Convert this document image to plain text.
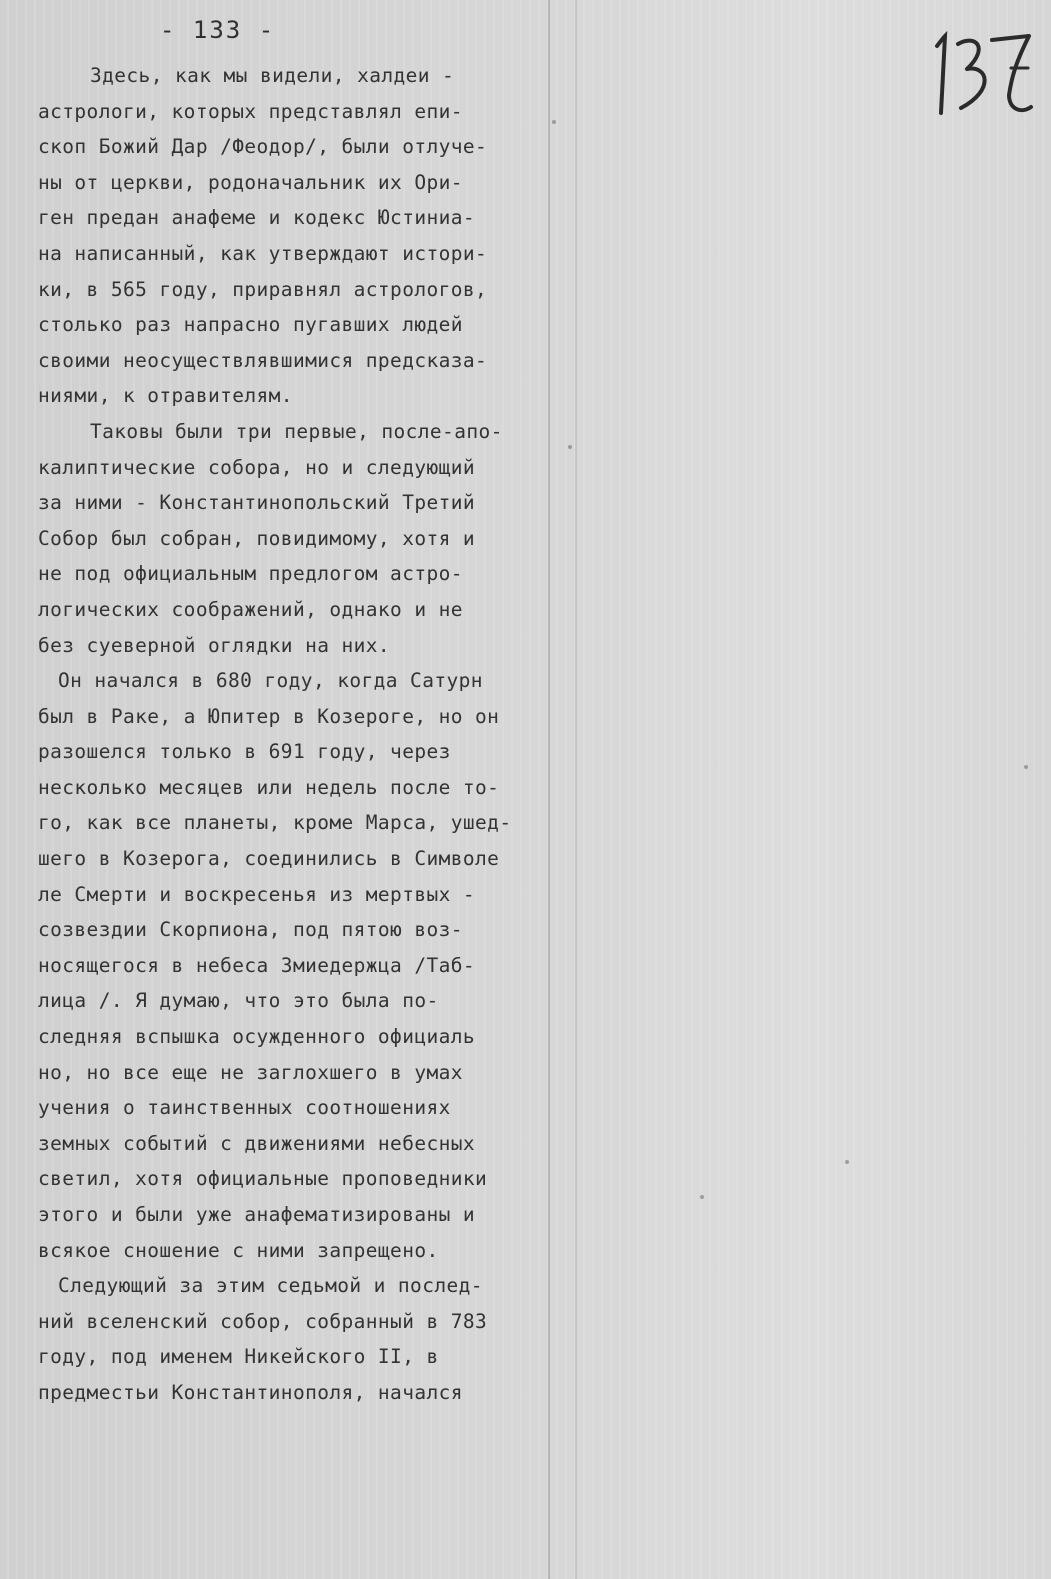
- 133 -
Здесь, как мы видели, халдеи -
астрологи, которых представлял епи-
скоп Божий Дар /Феодор/, были отлуче-
ны от церкви, родоначальник их Ори-
ген предан анафеме и кодекс Юстиниа-
на написанный, как утверждают истори-
ки, в 565 году, приравнял астрологов,
столько раз напрасно пугавших людей
своими неосуществлявшимися предсказа-
ниями, к отравителям.
Таковы были три первые, после-апо-
калиптические собора, но и следующий
за ними - Константинопольский Третий
Собор был собран, повидимому, хотя и
не под официальным предлогом астро-
логических соображений, однако и не
без суеверной оглядки на них.
Он начался в 680 году, когда Сатурн
был в Раке, а Юпитер в Козероге, но он
разошелся только в 691 году, через
несколько месяцев или недель после то-
го, как все планеты, кроме Марса, ушед-
шего в Козерога, соединились в Символе
ле Смерти и воскресенья из мертвых -
созвездии Скорпиона, под пятою воз-
носящегося в небеса Змиедержца /Таб-
лица /. Я думаю, что это была по-
следняя вспышка осужденного официаль
но, но все еще не заглохшего в умах
учения о таинственных соотношениях
земных событий с движениями небесных
светил, хотя официальные проповедники
этого и были уже анафематизированы и
всякое сношение с ними запрещено.
Следующий за этим седьмой и послед-
ний вселенский собор, собранный в 783
году, под именем Никейского II, в
предместьи Константинополя, начался
